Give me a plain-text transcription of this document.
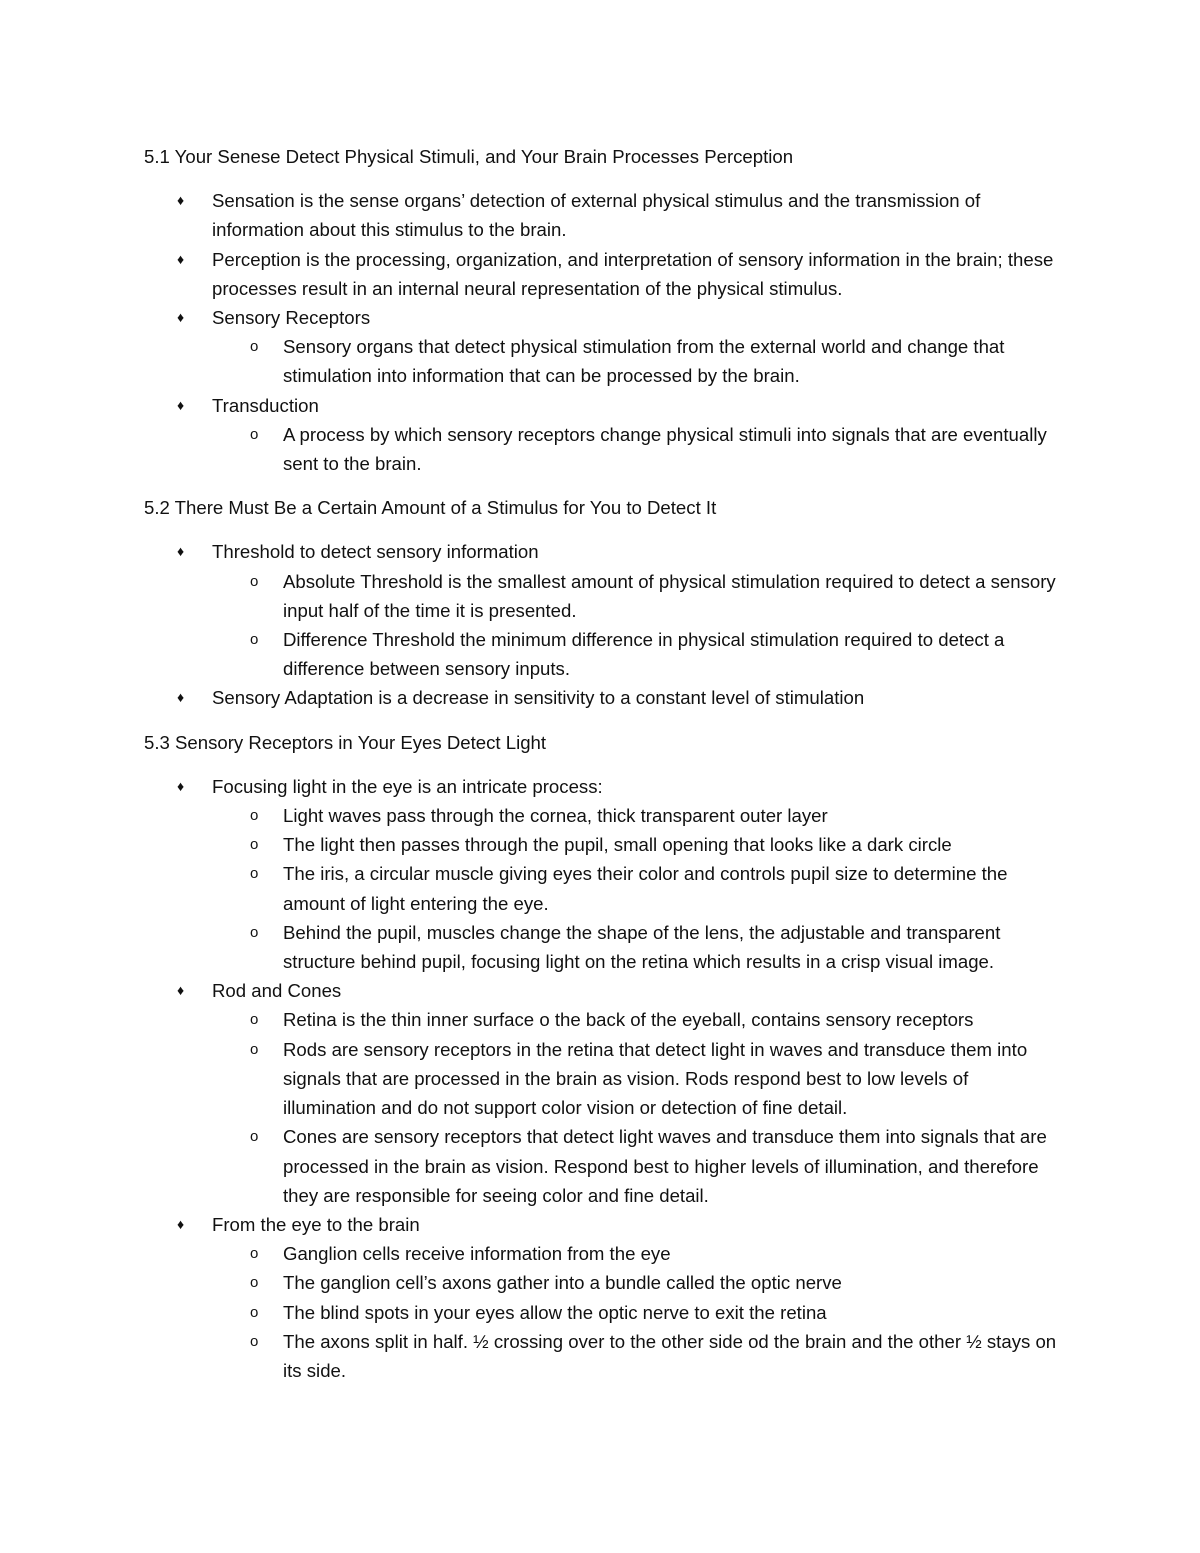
5.1 Your Senese Detect Physical Stimuli, and Your Brain Processes Perception
♦ Sensation is the sense organs’ detection of external physical stimulus and the transmission of information about this stimulus to the brain.
♦ Perception is the processing, organization, and interpretation of sensory information in the brain; these processes result in an internal neural representation of the physical stimulus.
♦ Sensory Receptors
o Sensory organs that detect physical stimulation from the external world and change that stimulation into information that can be processed by the brain.
♦ Transduction
o A process by which sensory receptors change physical stimuli into signals that are eventually sent to the brain.
5.2 There Must Be a Certain Amount of a Stimulus for You to Detect It
♦ Threshold to detect sensory information
o Absolute Threshold is the smallest amount of physical stimulation required to detect a sensory input half of the time it is presented.
o Difference Threshold the minimum difference in physical stimulation required to detect a difference between sensory inputs.
♦ Sensory Adaptation is a decrease in sensitivity to a constant level of stimulation
5.3 Sensory Receptors in Your Eyes Detect Light
♦ Focusing light in the eye is an intricate process:
o Light waves pass through the cornea, thick transparent outer layer
o The light then passes through the pupil, small opening that looks like a dark circle
o The iris, a circular muscle giving eyes their color and controls pupil size to determine the amount of light entering the eye.
o Behind the pupil, muscles change the shape of the lens, the adjustable and transparent structure behind pupil, focusing light on the retina which results in a crisp visual image.
♦ Rod and Cones
o Retina is the thin inner surface o the back of the eyeball, contains sensory receptors
o Rods are sensory receptors in the retina that detect light in waves and transduce them into signals that are processed in the brain as vision. Rods respond best to low levels of illumination and do not support color vision or detection of fine detail.
o Cones are sensory receptors that detect light waves and transduce them into signals that are processed in the brain as vision. Respond best to higher levels of illumination, and therefore they are responsible for seeing color and fine detail.
♦ From the eye to the brain
o Ganglion cells receive information from the eye
o The ganglion cell’s axons gather into a bundle called the optic nerve
o The blind spots in your eyes allow the optic nerve to exit the retina
o The axons split in half. ½ crossing over to the other side od the brain and the other ½ stays on its side.
